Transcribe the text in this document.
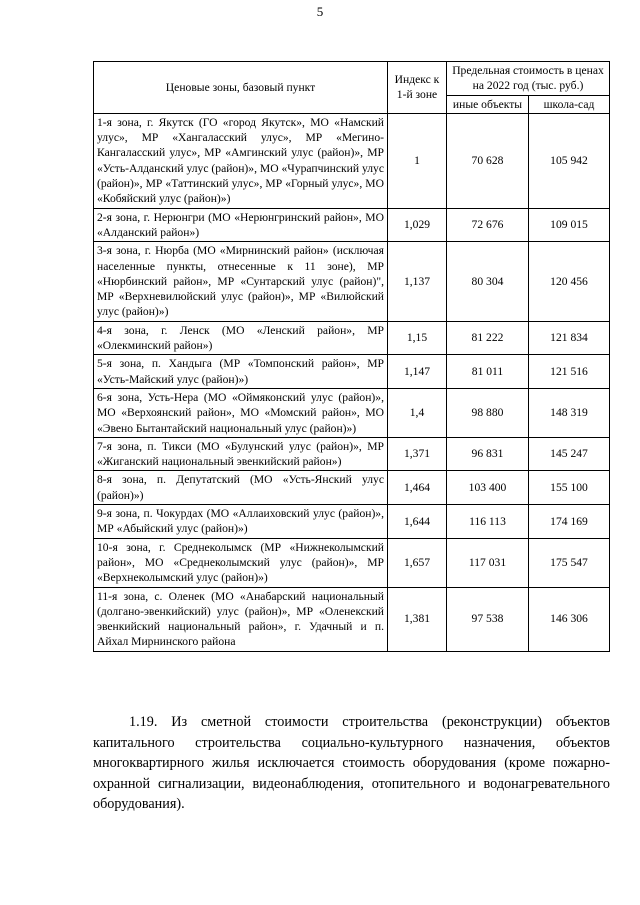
5
Ценовые зоны, базовый пункт	Индекс к 1-й зоне	Предельная стоимость в ценах на 2022 год (тыс. руб.)	
		иные объекты	школа-сад
1-я зона, г. Якутск (ГО «город Якутск», МО «Намский улус», МР «Хангаласский улус», МР «Мегино-Кангаласский улус», МР «Амгинский улус (район)», МР «Усть-Алданский улус (район)», МО «Чурапчинский улус (район)», МР «Таттинский улус», МР «Горный улус», МО «Кобяйский улус (район)»)	1	70 628	105 942
2-я зона, г. Нерюнгри (МО «Нерюнгринский район», МО «Алданский район»)	1,029	72 676	109 015
3-я зона, г. Нюрба (МО «Мирнинский район» (исключая населенные пункты, отнесенные к 11 зоне), МР «Нюрбинский район», МР «Сунтарский улус (район)", МР «Верхневилюйский улус (район)», МР «Вилюйский улус (район)»)	1,137	80 304	120 456
4-я зона, г. Ленск (МО «Ленский район», МР «Олекминский район»)	1,15	81 222	121 834
5-я зона, п. Хандыга (МР «Томпонский район», МР «Усть-Майский улус (район)»)	1,147	81 011	121 516
6-я зона, Усть-Нера (МО «Оймяконский улус (район)», МО «Верхоянский район», МО «Момский район», МО «Эвено Бытантайский национальный улус (район)»)	1,4	98 880	148 319
7-я зона, п. Тикси (МО «Булунский улус (район)», МР «Жиганский национальный эвенкийский район»)	1,371	96 831	145 247
8-я зона, п. Депутатский (МО «Усть-Янский улус (район)»)	1,464	103 400	155 100
9-я зона, п. Чокурдах (МО «Аллаиховский улус (район)», МР «Абыйский улус (район)»)	1,644	116 113	174 169
10-я зона, г. Среднеколымск (МР «Нижнеколымский район», МО «Среднеколымский улус (район)», МР «Верхнеколымский улус (район)»)	1,657	117 031	175 547
11-я зона, с. Оленек (МО «Анабарский национальный (долгано-эвенкийский) улус (район)», МР «Оленекский эвенкийский национальный район», г. Удачный и п. Айхал Мирнинского района	1,381	97 538	146 306

1.19. Из сметной стоимости строительства (реконструкции) объектов капитального строительства социально-культурного назначения, объектов многоквартирного жилья исключается стоимость оборудования (кроме пожарно-охранной сигнализации, видеонаблюдения, отопительного и водонагревательного оборудования).
